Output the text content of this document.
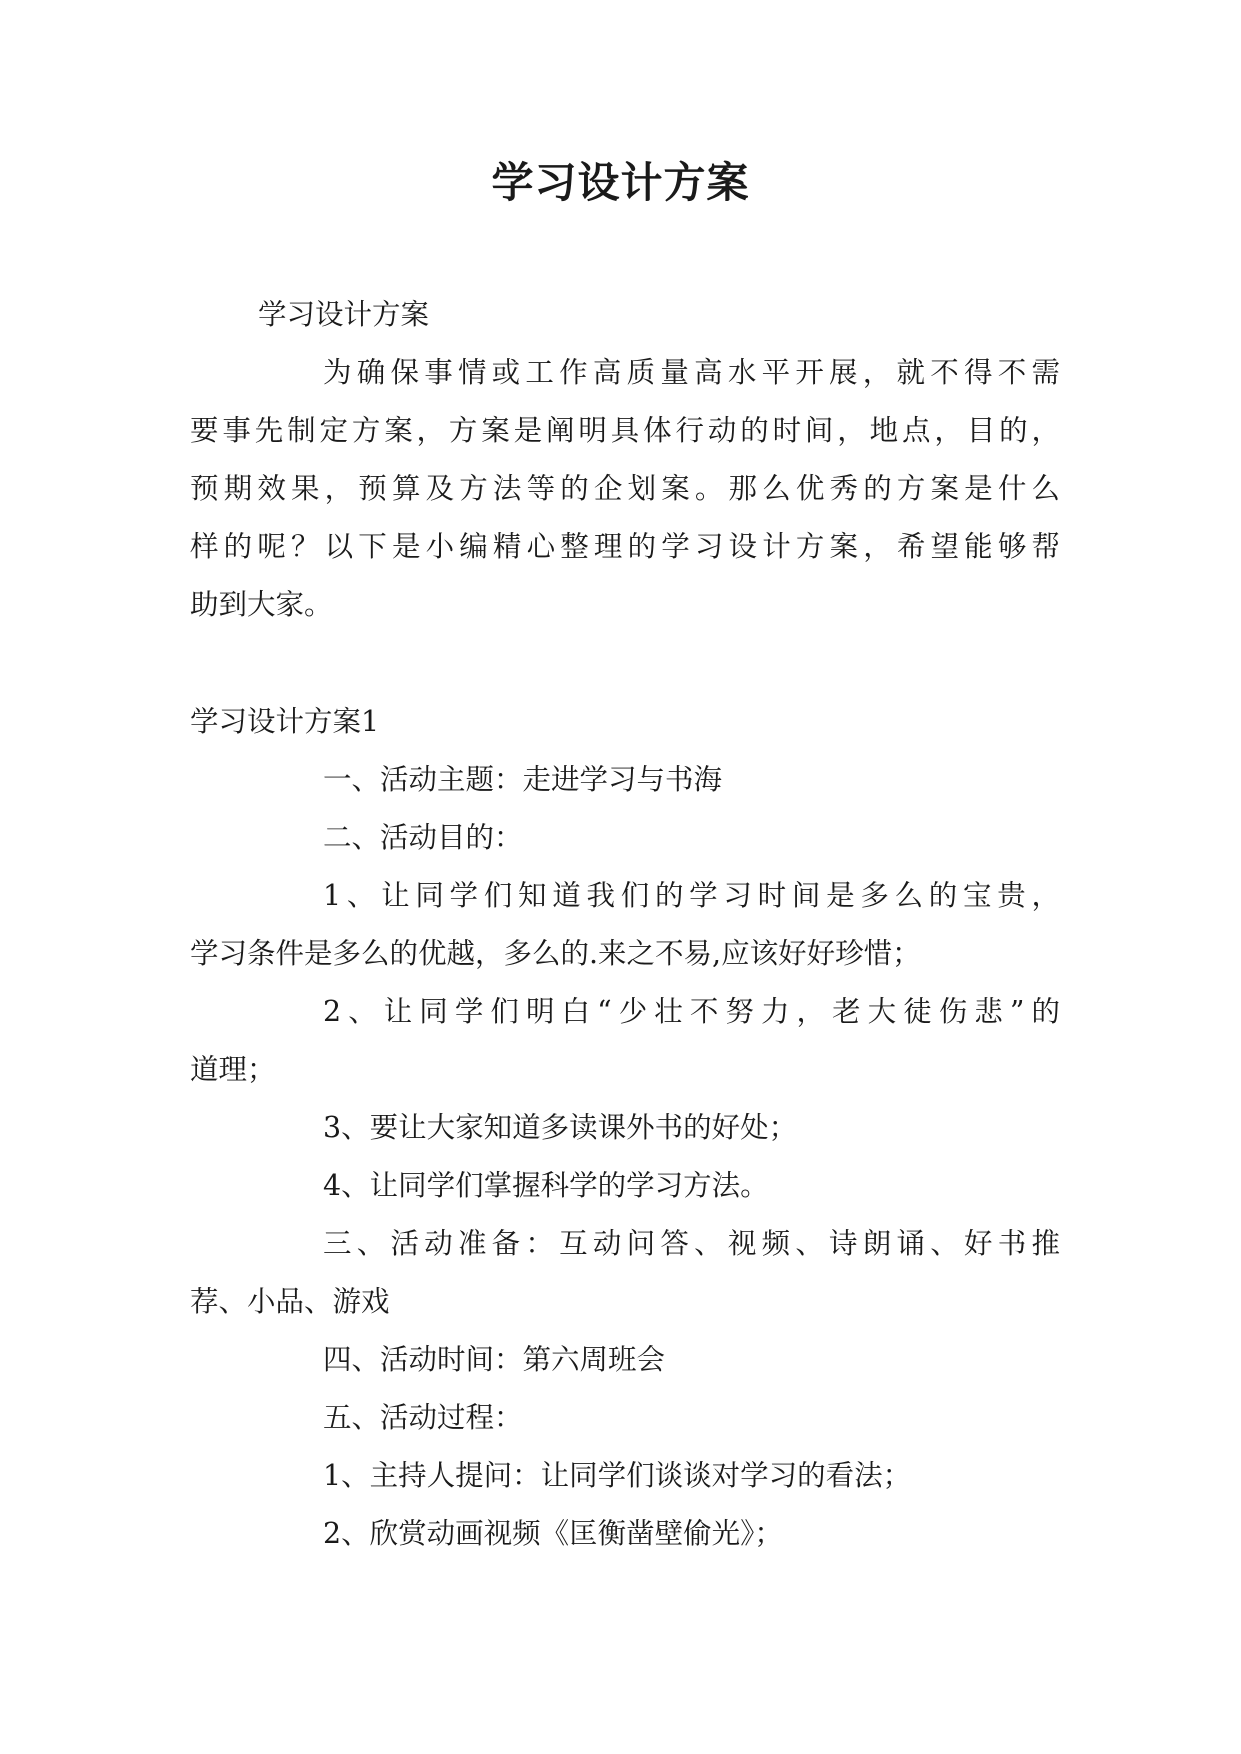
学习设计方案
学习设计方案
为确保事情或工作高质量高水平开展，就不得不需
要事先制定方案，方案是阐明具体行动的时间，地点，目的，
预期效果，预算及方法等的企划案。那么优秀的方案是什么
样的呢？以下是小编精心整理的学习设计方案，希望能够帮
助到大家。
学习设计方案1
一、活动主题：走进学习与书海
二、活动目的：
1、让同学们知道我们的学习时间是多么的宝贵，
学习条件是多么的优越，多么的.来之不易,应该好好珍惜；
2、让同学们明白“少壮不努力，老大徒伤悲”的
道理；
3、要让大家知道多读课外书的好处；
4、让同学们掌握科学的学习方法。
三、活动准备：互动问答、视频、诗朗诵、好书推
荐、小品、游戏
四、活动时间：第六周班会
五、活动过程：
1、主持人提问：让同学们谈谈对学习的看法；
2、欣赏动画视频《匡衡凿壁偷光》；
